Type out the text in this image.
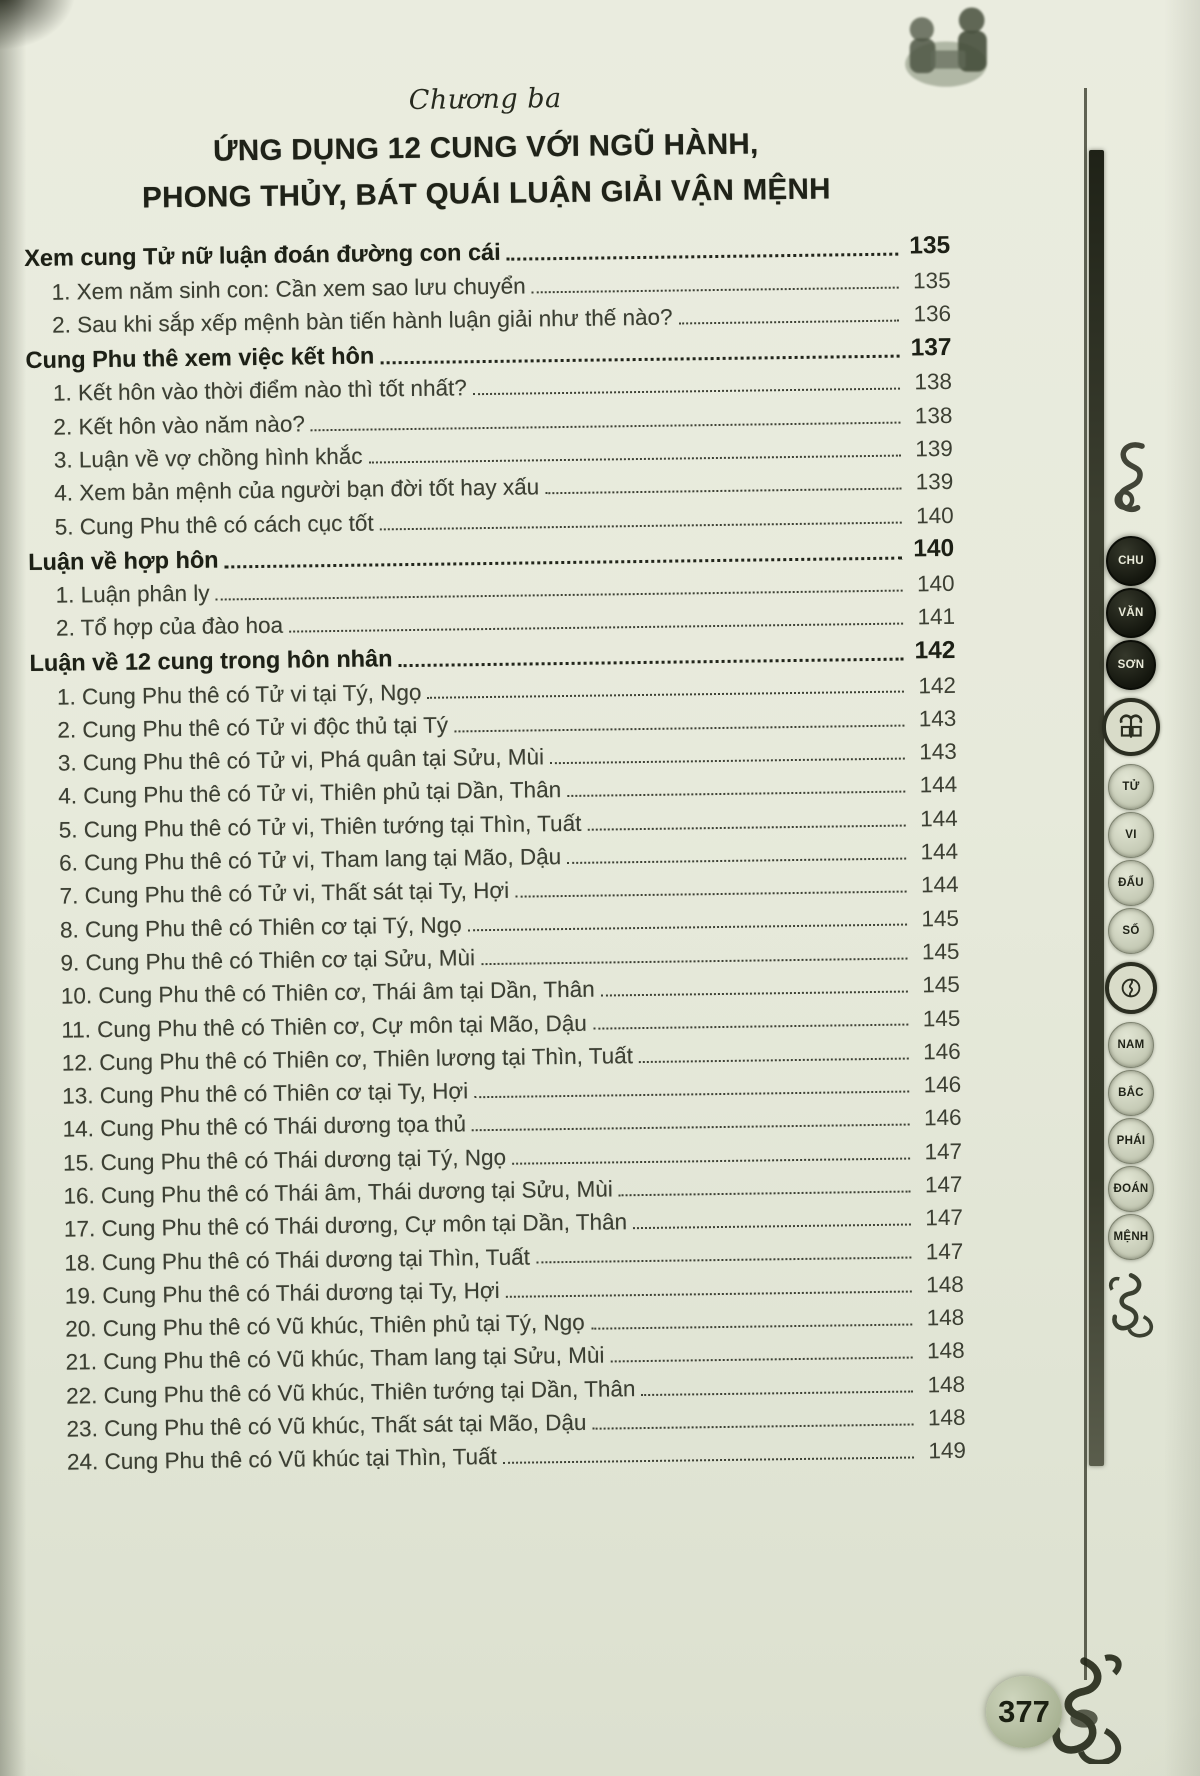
Chương ba
ỨNG DỤNG 12 CUNG VỚI NGŨ HÀNH,
PHONG THỦY, BÁT QUÁI LUẬN GIẢI VẬN MỆNH
Xem cung Tử nữ luận đoán đường con cái	135
1. Xem năm sinh con: Cần xem sao lưu chuyển	135
2. Sau khi sắp xếp mệnh bàn tiến hành luận giải như thế nào?	136
Cung Phu thê xem việc kết hôn	137
1. Kết hôn vào thời điểm nào thì tốt nhất?	138
2. Kết hôn vào năm nào?	138
3. Luận về vợ chồng hình khắc	139
4. Xem bản mệnh của người bạn đời tốt hay xấu	139
5. Cung Phu thê có cách cục tốt	140
Luận về hợp hôn	140
1. Luận phân ly	140
2. Tổ hợp của đào hoa	141
Luận về 12 cung trong hôn nhân	142
1. Cung Phu thê có Tử vi tại Tý, Ngọ	142
2. Cung Phu thê có Tử vi độc thủ tại Tý	143
3. Cung Phu thê có Tử vi, Phá quân tại Sửu, Mùi	143
4. Cung Phu thê có Tử vi, Thiên phủ tại Dần, Thân	144
5. Cung Phu thê có Tử vi, Thiên tướng tại Thìn, Tuất	144
6. Cung Phu thê có Tử vi, Tham lang tại Mão, Dậu	144
7. Cung Phu thê có Tử vi, Thất sát tại Ty, Hợi	144
8. Cung Phu thê có Thiên cơ tại Tý, Ngọ	145
9. Cung Phu thê có Thiên cơ tại Sửu, Mùi	145
10. Cung Phu thê có Thiên cơ, Thái âm tại Dần, Thân	145
11. Cung Phu thê có Thiên cơ, Cự môn tại Mão, Dậu	145
12. Cung Phu thê có Thiên cơ, Thiên lương tại Thìn, Tuất	146
13. Cung Phu thê có Thiên cơ tại Ty, Hợi	146
14. Cung Phu thê có Thái dương tọa thủ	146
15. Cung Phu thê có Thái dương tại Tý, Ngọ	147
16. Cung Phu thê có Thái âm, Thái dương tại Sửu, Mùi	147
17. Cung Phu thê có Thái dương, Cự môn tại Dần, Thân	147
18. Cung Phu thê có Thái dương tại Thìn, Tuất	147
19. Cung Phu thê có Thái dương tại Ty, Hợi	148
20. Cung Phu thê có Vũ khúc, Thiên phủ tại Tý, Ngọ	148
21. Cung Phu thê có Vũ khúc, Tham lang tại Sửu, Mùi	148
22. Cung Phu thê có Vũ khúc, Thiên tướng tại Dần, Thân	148
23. Cung Phu thê có Vũ khúc, Thất sát tại Mão, Dậu	148
24. Cung Phu thê có Vũ khúc tại Thìn, Tuất	149
CHU
VĂN
SƠN
TỬ
VI
ĐẨU
SỐ
NAM
BẮC
PHÁI
ĐOÁN
MỆNH
377
